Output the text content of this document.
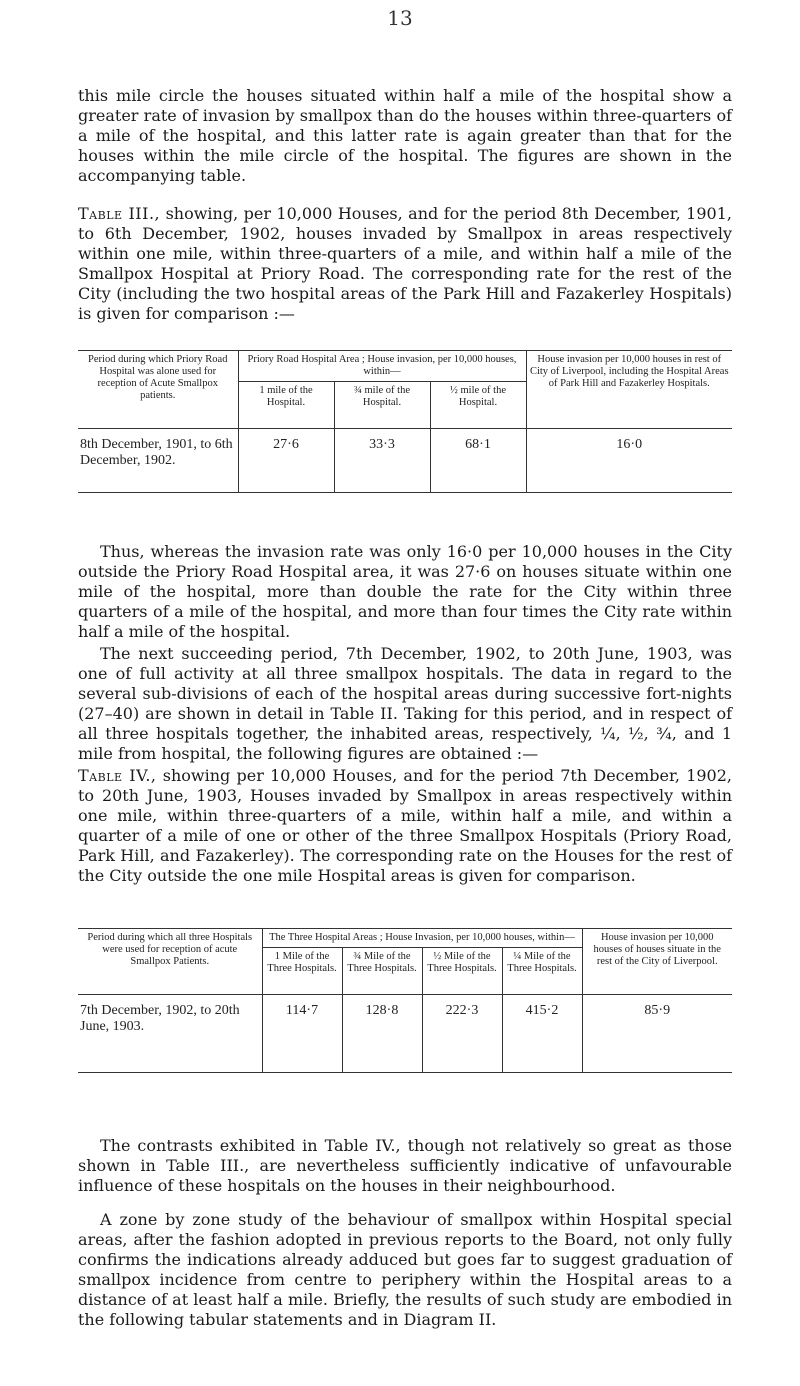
13

this mile circle the houses situated within half a mile of the hospital show a greater rate of invasion by smallpox than do the houses within three-quarters of a mile of the hospital, and this latter rate is again greater than that for the houses within the mile circle of the hospital. The figures are shown in the accompanying table.

Table III., showing, per 10,000 Houses, and for the period 8th December, 1901, to 6th December, 1902, houses invaded by Smallpox in areas respectively within one mile, within three-quarters of a mile, and within half a mile of the Smallpox Hospital at Priory Road. The corresponding rate for the rest of the City (including the two hospital areas of the Park Hill and Fazakerley Hospitals) is given for comparison :—

Period during which Priory Road Hospital was alone used for reception of Acute Smallpox patients.	Priory Road Hospital Area ; House invasion, per 10,000 houses, within—			House invasion per 10,000 houses in rest of City of Liverpool, including the Hospital Areas of Park Hill and Fazakerley Hospitals.
	1 mile of the Hospital.	¾ mile of the Hospital.	½ mile of the Hospital.	
8th December, 1901, to 6th December, 1902.	27·6	33·3	68·1	16·0

Thus, whereas the invasion rate was only 16·0 per 10,000 houses in the City outside the Priory Road Hospital area, it was 27·6 on houses situate within one mile of the hospital, more than double the rate for the City within three quarters of a mile of the hospital, and more than four times the City rate within half a mile of the hospital.

The next succeeding period, 7th December, 1902, to 20th June, 1903, was one of full activity at all three smallpox hospitals. The data in regard to the several sub-divisions of each of the hospital areas during successive fort-nights (27–40) are shown in detail in Table II. Taking for this period, and in respect of all three hospitals together, the inhabited areas, respectively, ¼, ½, ¾, and 1 mile from hospital, the following figures are obtained :—

Table IV., showing per 10,000 Houses, and for the period 7th December, 1902, to 20th June, 1903, Houses invaded by Smallpox in areas respectively within one mile, within three-quarters of a mile, within half a mile, and within a quarter of a mile of one or other of the three Smallpox Hospitals (Priory Road, Park Hill, and Fazakerley). The corresponding rate on the Houses for the rest of the City outside the one mile Hospital areas is given for comparison.

Period during which all three Hospitals were used for reception of acute Smallpox Patients.	The Three Hospital Areas ; House Invasion, per 10,000 houses, within—				House invasion per 10,000 houses of houses situate in the rest of the City of Liverpool.
	1 Mile of the Three Hospitals.	¾ Mile of the Three Hospitals.	½ Mile of the Three Hospitals.	¼ Mile of the Three Hospitals.	
7th December, 1902, to 20th June, 1903.	114·7	128·8	222·3	415·2	85·9

The contrasts exhibited in Table IV., though not relatively so great as those shown in Table III., are nevertheless sufficiently indicative of unfavourable influence of these hospitals on the houses in their neighbourhood.

A zone by zone study of the behaviour of smallpox within Hospital special areas, after the fashion adopted in previous reports to the Board, not only fully confirms the indications already adduced but goes far to suggest graduation of smallpox incidence from centre to periphery within the Hospital areas to a distance of at least half a mile. Briefly, the results of such study are embodied in the following tabular statements and in Diagram II.
